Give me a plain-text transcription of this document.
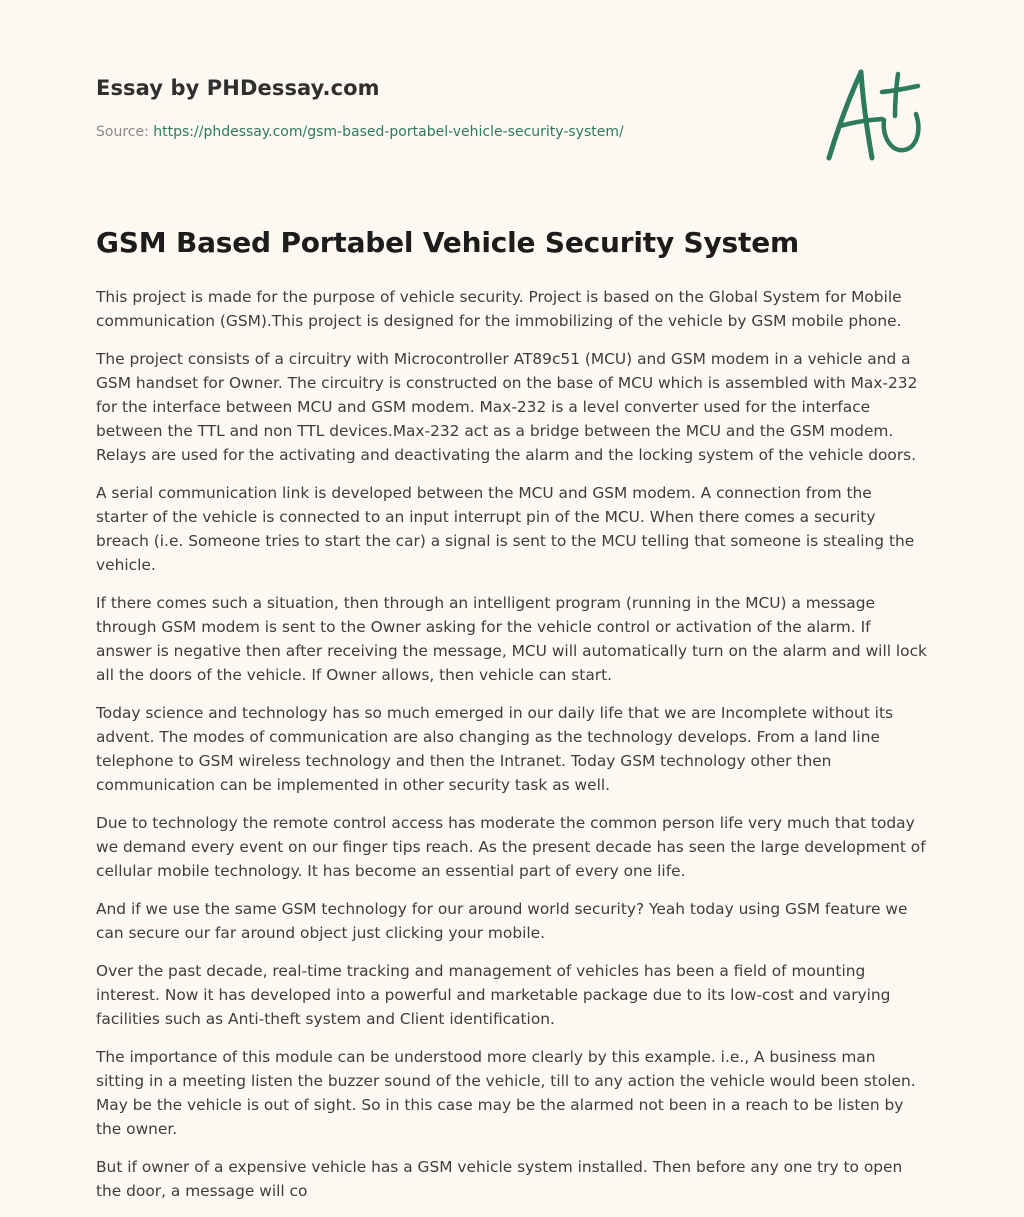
Essay by PHDessay.com
Source: https://phdessay.com/gsm-based-portabel-vehicle-security-system/
GSM Based Portabel Vehicle Security System

This project is made for the purpose of vehicle security. Project is based on the Global System for Mobile communication (GSM).This project is designed for the immobilizing of the vehicle by GSM mobile phone.

The project consists of a circuitry with Microcontroller AT89c51 (MCU) and GSM modem in a vehicle and a GSM handset for Owner. The circuitry is constructed on the base of MCU which is assembled with Max-232 for the interface between MCU and GSM modem. Max-232 is a level converter used for the interface between the TTL and non TTL devices.Max-232 act as a bridge between the MCU and the GSM modem. Relays are used for the activating and deactivating the alarm and the locking system of the vehicle doors.

A serial communication link is developed between the MCU and GSM modem. A connection from the starter of the vehicle is connected to an input interrupt pin of the MCU. When there comes a security breach (i.e. Someone tries to start the car) a signal is sent to the MCU telling that someone is stealing the vehicle.

If there comes such a situation, then through an intelligent program (running in the MCU) a message through GSM modem is sent to the Owner asking for the vehicle control or activation of the alarm. If answer is negative then after receiving the message, MCU will automatically turn on the alarm and will lock all the doors of the vehicle. If Owner allows, then vehicle can start.

Today science and technology has so much emerged in our daily life that we are Incomplete without its advent. The modes of communication are also changing as the technology develops. From a land line telephone to GSM wireless technology and then the Intranet. Today GSM technology other then communication can be implemented in other security task as well.

Due to technology the remote control access has moderate the common person life very much that today we demand every event on our finger tips reach. As the present decade has seen the large development of cellular mobile technology. It has become an essential part of every one life.

And if we use the same GSM technology for our around world security? Yeah today using GSM feature we can secure our far around object just clicking your mobile.

Over the past decade, real-time tracking and management of vehicles has been a field of mounting interest. Now it has developed into a powerful and marketable package due to its low-cost and varying facilities such as Anti-theft system and Client identification.

The importance of this module can be understood more clearly by this example. i.e., A business man sitting in a meeting listen the buzzer sound of the vehicle, till to any action the vehicle would been stolen. May be the vehicle is out of sight. So in this case may be the alarmed not been in a reach to be listen by the owner.

But if owner of a expensive vehicle has a GSM vehicle system installed. Then before any one try to open the door, a message will co
